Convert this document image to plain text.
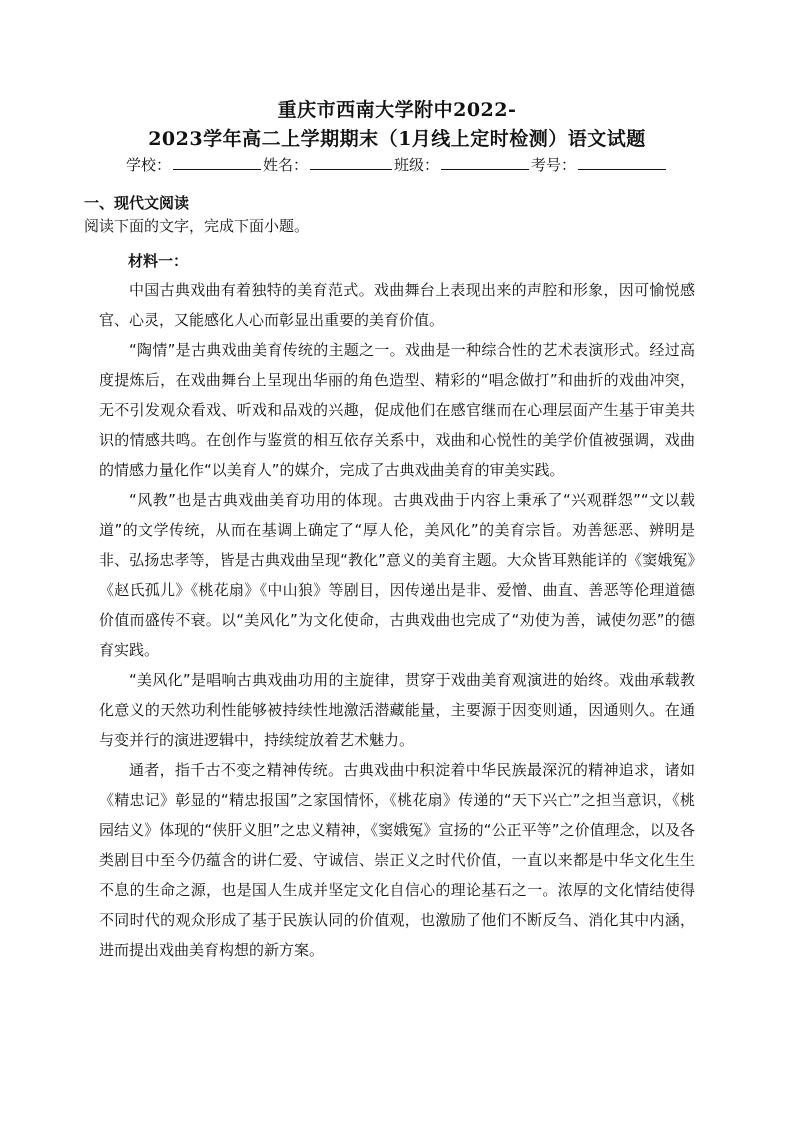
重庆市西南大学附中2022-
2023学年高二上学期期末（1月线上定时检测）语文试题
学校：	姓名：	班级：	考号：
一、现代文阅读
阅读下面的文字，完成下面小题。
材料一：

中国古典戏曲有着独特的美育范式。戏曲舞台上表现出来的声腔和形象，因可愉悦感官、心灵，又能感化人心而彰显出重要的美育价值。

“陶情”是古典戏曲美育传统的主题之一。戏曲是一种综合性的艺术表演形式。经过高度提炼后，在戏曲舞台上呈现出华丽的角色造型、精彩的“唱念做打”和曲折的戏曲冲突，无不引发观众看戏、听戏和品戏的兴趣，促成他们在感官继而在心理层面产生基于审美共识的情感共鸣。在创作与鉴赏的相互依存关系中，戏曲和心悦性的美学价值被强调，戏曲的情感力量化作“以美育人”的媒介，完成了古典戏曲美育的审美实践。

“风教”也是古典戏曲美育功用的体现。古典戏曲于内容上秉承了“兴观群怨”“文以载道”的文学传统，从而在基调上确定了“厚人伦，美风化”的美育宗旨。劝善惩恶、辨明是非、弘扬忠孝等，皆是古典戏曲呈现“教化”意义的美育主题。大众皆耳熟能详的《窦娥冤》《赵氏孤儿》《桃花扇》《中山狼》等剧目，因传递出是非、爱憎、曲直、善恶等伦理道德价值而盛传不衰。以“美风化”为文化使命，古典戏曲也完成了“劝使为善，诫使勿恶”的德育实践。

“美风化”是唱响古典戏曲功用的主旋律，贯穿于戏曲美育观演进的始终。戏曲承载教化意义的天然功利性能够被持续性地激活潜藏能量，主要源于因变则通，因通则久。在通与变并行的演进逻辑中，持续绽放着艺术魅力。

通者，指千古不变之精神传统。古典戏曲中积淀着中华民族最深沉的精神追求，诸如《精忠记》彰显的“精忠报国”之家国情怀，《桃花扇》传递的“天下兴亡”之担当意识，《桃园结义》体现的“侠肝义胆”之忠义精神，《窦娥冤》宣扬的“公正平等”之价值理念，以及各类剧目中至今仍蕴含的讲仁爱、守诚信、崇正义之时代价值，一直以来都是中华文化生生不息的生命之源，也是国人生成并坚定文化自信心的理论基石之一。浓厚的文化情结使得不同时代的观众形成了基于民族认同的价值观，也激励了他们不断反刍、消化其中内涵，进而提出戏曲美育构想的新方案。
